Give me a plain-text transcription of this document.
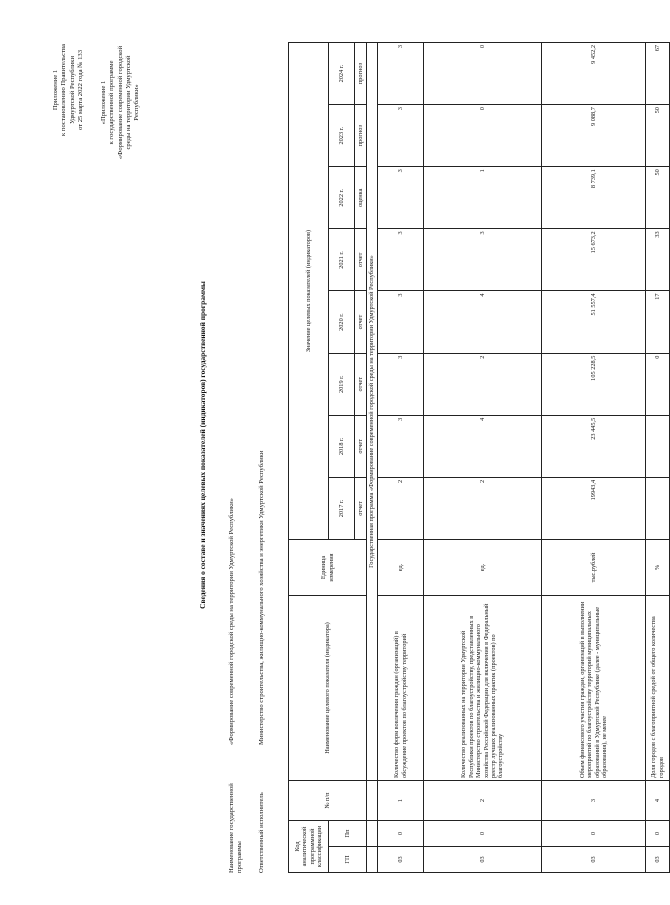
Приложение 1 к постановлению Правительства Удмуртской Республики от 25 марта 2022 года № 133 «Приложение 1 к государственной программе «Формирование современной городской среды на территории Удмуртской Республики»
Сведения о составе и значениях целевых показателей (индикаторов) государственной программы
Наименование государственной программы
«Формирование современной городской среды на территории Удмуртской Республики»
Ответственный исполнитель
Министерство строительства, жилищно-коммунального хозяйства и энергетики Удмуртской Республики
Код аналитической программной классификации		№ п/п	Наименование целевого показателя (индикатора)	Единица измерения	Значение целевых показателей (индикаторов)							
ГП	Пп				2017 г.	2018 г.	2019 г.	2020 г.	2021 г.	2022 г.	2023 г.	2024 г.
					отчет	отчет	отчет	отчет	отчет	оценка	прогноз	прогноз
			Государственная программа «Формирование современной городской среды на территории Удмуртской Республики»									
03	0	1	Количество форм вовлечения граждан (организаций) в обсуждение проектов по благоустройству территорий	ед.	2	3	3	3	3	3	3	3
03	0	2	Количество реализованных на территории Удмуртской Республики проектов по благоустройству, представленных в Министерство строительства и жилищно-коммунального хозяйства Российской Федерации для включения в Федеральный реестр лучших реализованных практик (проектов) по благоустройству	ед.	2	4	2	4	3	1	0	0
03	0	3	Объем финансового участия граждан, организаций в выполнении мероприятий по благоустройству территорий муниципальных образований в Удмуртской Республике (далее - муниципальные образования), не менее	тыс.рублей	19943,4	23 445,5	105 228,5	51 557,4	15 673,2	8 739,1	9 088,7	9 452,2
03	0	4	Доля городов с благоприятной средой от общего количества городов	%			0	17	33	50	50	67
